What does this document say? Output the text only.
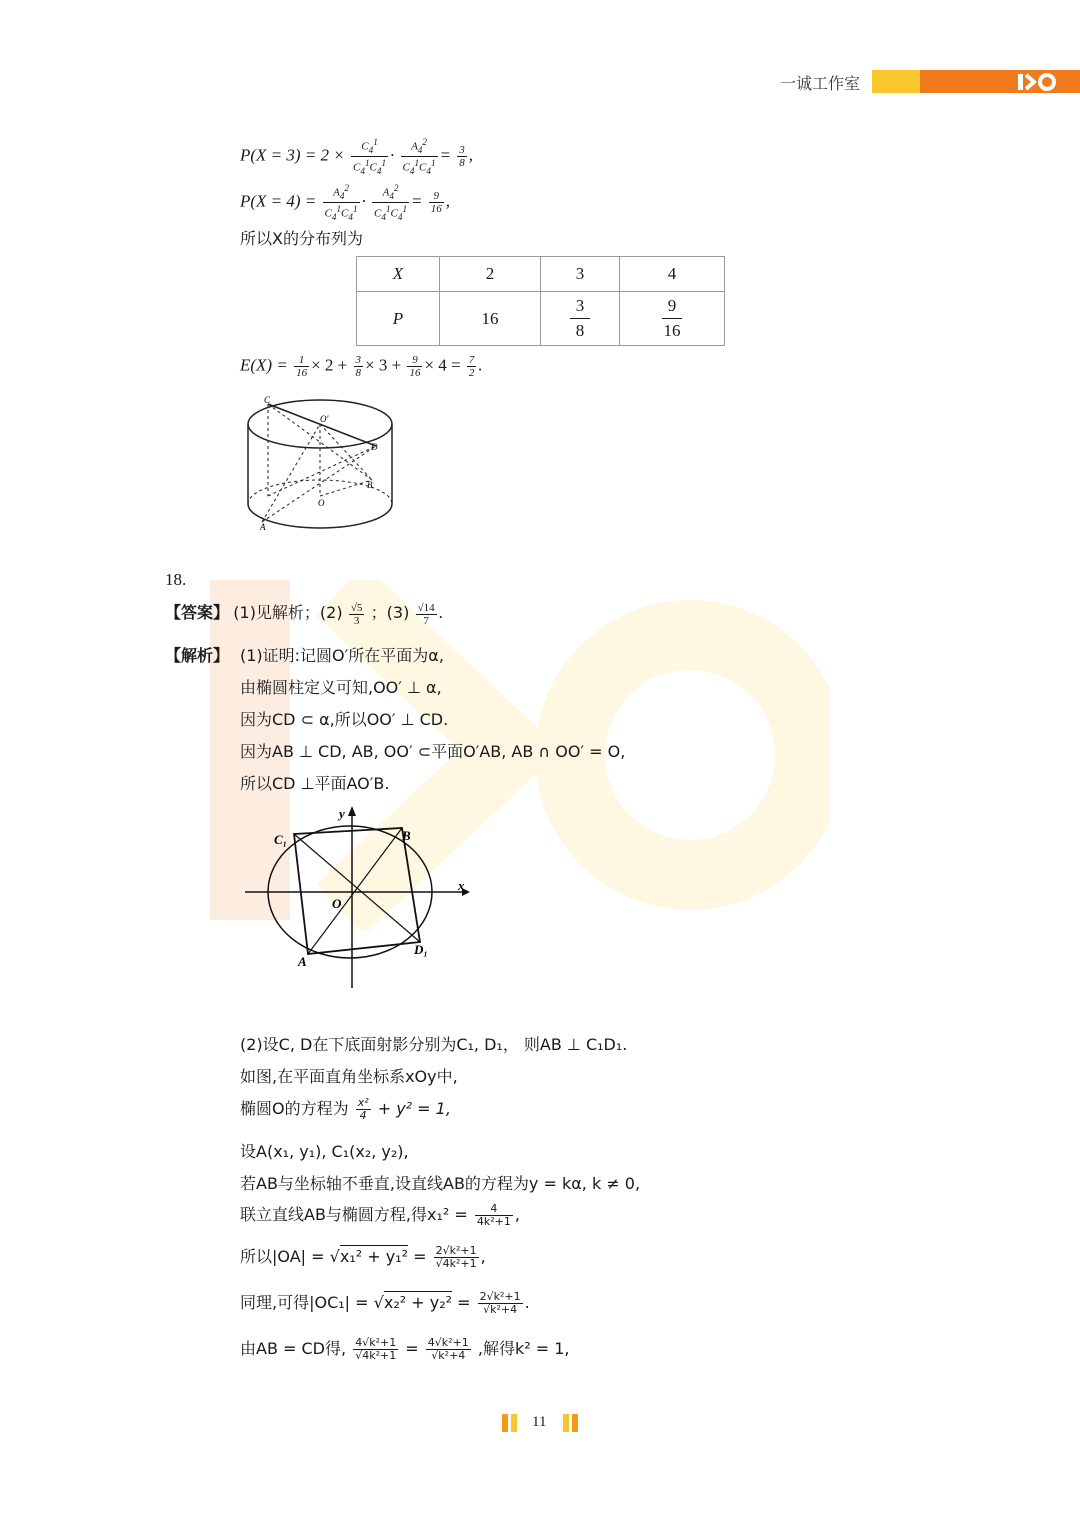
一诚工作室
$P(X = 3) = 2 \times \frac{C_4^1}{C_4^1C_4^1} \cdot \frac{A_4^2}{C_4^1C_4^1} = \frac{3}{8}$ ,
$P(X = 4) = \frac{A_4^2}{C_4^1C_4^1} \cdot \frac{A_4^2}{C_4^1C_4^1} = \frac{9}{16}$ ,
所以X的分布列为
X	2	3	4
P	16	$\frac{3}{8}$	$\frac{9}{16}$
$E(X) = \frac{1}{16} \times 2 + \frac{3}{8} \times 3 + \frac{9}{16} \times 4 = \frac{7}{2}$ .
C
O′
D
B
O
A
18.
【答案】 (1)见解析；$(2) \frac{√5}{3}$ ；$(3) \frac{√14}{7}$ .
【解析】 (1)证明:记圆O′所在平面为α,
由椭圆柱定义可知,OO′ ⊥ α,
因为CD ⊂ α,所以OO′ ⊥ CD.
因为AB ⊥ CD, AB, OO′ ⊂平面O′AB, AB ∩ OO′ = O,
所以CD ⊥平面AO′B.
y
x
C₁	B
O
D₁
A
(2)设C, D在下底面射影分别为C₁, D₁， 则AB ⊥ C₁D₁.
如图,在平面直角坐标系xOy中,
椭圆O的方程为 $\frac{\text{x²}}{4} + y^2 = 1$,
设A(x₁, y₁), C₁(x₂, y₂),
若AB与坐标轴不垂直,设直线AB的方程为y = kα, k ≠ 0,
联立直线AB与椭圆方程,得$x_1^2 = \frac{4}{\text{4k²+1}}$ ,
所以$|OA| = √x_1^2 + y_1^2 = \frac{\text{2√k²+1}}{\text{√4k²+1}}$ ,
同理,可得$|OC_1| = √x_2^2 + y_2^2 = \frac{\text{2√k²+1}}{\text{√k²+4}}$ .
由AB = CD得, $\frac{\text{4√k²+1}}{\text{√4k²+1}} = \frac{\text{4√k²+1}}{\text{√k²+4}}$ ,解得k² = 1,
11
